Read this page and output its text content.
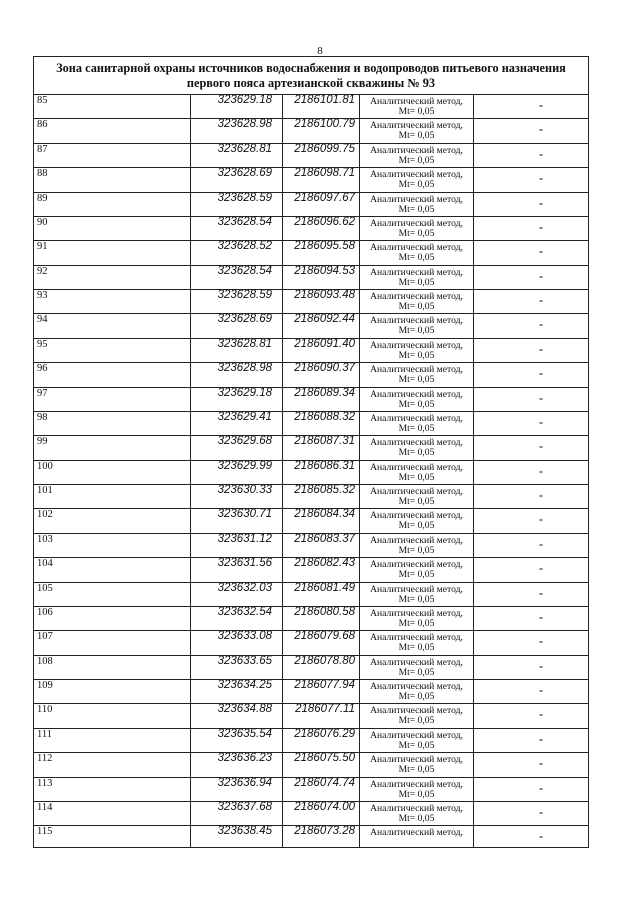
8
Зона санитарной охраны источников водоснабжения и водопроводов питьевого назначения
первого пояса артезианской скважины № 93
85	323629.18	2186101.81	Аналитический метод,
Mt= 0,05	-
86	323628.98	2186100.79	Аналитический метод,
Mt= 0,05	-
87	323628.81	2186099.75	Аналитический метод,
Mt= 0,05	-
88	323628.69	2186098.71	Аналитический метод,
Mt= 0,05	-
89	323628.59	2186097.67	Аналитический метод,
Mt= 0,05	-
90	323628.54	2186096.62	Аналитический метод,
Mt= 0,05	-
91	323628.52	2186095.58	Аналитический метод,
Mt= 0,05	-
92	323628.54	2186094.53	Аналитический метод,
Mt= 0,05	-
93	323628.59	2186093.48	Аналитический метод,
Mt= 0,05	-
94	323628.69	2186092.44	Аналитический метод,
Mt= 0,05	-
95	323628.81	2186091.40	Аналитический метод,
Mt= 0,05	-
96	323628.98	2186090.37	Аналитический метод,
Mt= 0,05	-
97	323629.18	2186089.34	Аналитический метод,
Mt= 0,05	-
98	323629.41	2186088.32	Аналитический метод,
Mt= 0,05	-
99	323629.68	2186087.31	Аналитический метод,
Mt= 0,05	-
100	323629.99	2186086.31	Аналитический метод,
Mt= 0,05	-
101	323630.33	2186085.32	Аналитический метод,
Mt= 0,05	-
102	323630.71	2186084.34	Аналитический метод,
Mt= 0,05	-
103	323631.12	2186083.37	Аналитический метод,
Mt= 0,05	-
104	323631.56	2186082.43	Аналитический метод,
Mt= 0,05	-
105	323632.03	2186081.49	Аналитический метод,
Mt= 0,05	-
106	323632.54	2186080.58	Аналитический метод,
Mt= 0,05	-
107	323633.08	2186079.68	Аналитический метод,
Mt= 0,05	-
108	323633.65	2186078.80	Аналитический метод,
Mt= 0,05	-
109	323634.25	2186077.94	Аналитический метод,
Mt= 0,05	-
110	323634.88	2186077.11	Аналитический метод,
Mt= 0,05	-
111	323635.54	2186076.29	Аналитический метод,
Mt= 0,05	-
112	323636.23	2186075.50	Аналитический метод,
Mt= 0,05	-
113	323636.94	2186074.74	Аналитический метод,
Mt= 0,05	-
114	323637.68	2186074.00	Аналитический метод,
Mt= 0,05	-
115	323638.45	2186073.28	Аналитический метод,	-
